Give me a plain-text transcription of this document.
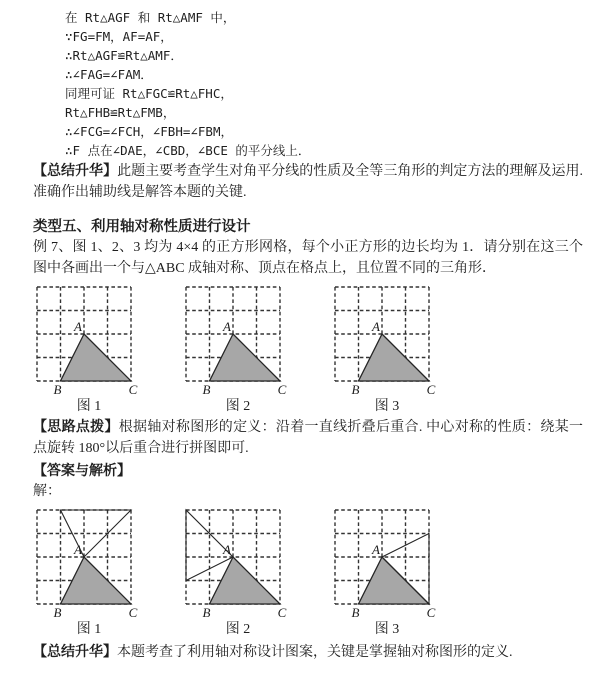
在 Rt△AGF 和 Rt△AMF 中，
∵FG=FM，AF=AF，
∴Rt△AGF≌Rt△AMF．
∴∠FAG=∠FAM．
同理可证 Rt△FGC≌Rt△FHC，
Rt△FHB≌Rt△FMB，
∴∠FCG=∠FCH，∠FBH=∠FBM，
∴F 点在∠DAE，∠CBD，∠BCE 的平分线上．

【总结升华】此题主要考查学生对角平分线的性质及全等三角形的判定方法的理解及运用.准确作出辅助线是解答本题的关键.

类型五、利用轴对称性质进行设计

例 7、图 1、2、3 均为 4×4 的正方形网格，每个小正方形的边长均为 1．请分别在这三个图中各画出一个与△ABC 成轴对称、顶点在格点上，且位置不同的三角形．

A
B	C
图 1
A
B	C
图 2
A
B	C
图 3

【思路点拨】根据轴对称图形的定义：沿着一直线折叠后重合. 中心对称的性质：绕某一点旋转 180°以后重合进行拼图即可.

【答案与解析】

解：

A
B	C
图 1
A
B	C
图 2
A
B	C
图 3

【总结升华】本题考查了利用轴对称设计图案，关键是掌握轴对称图形的定义.
